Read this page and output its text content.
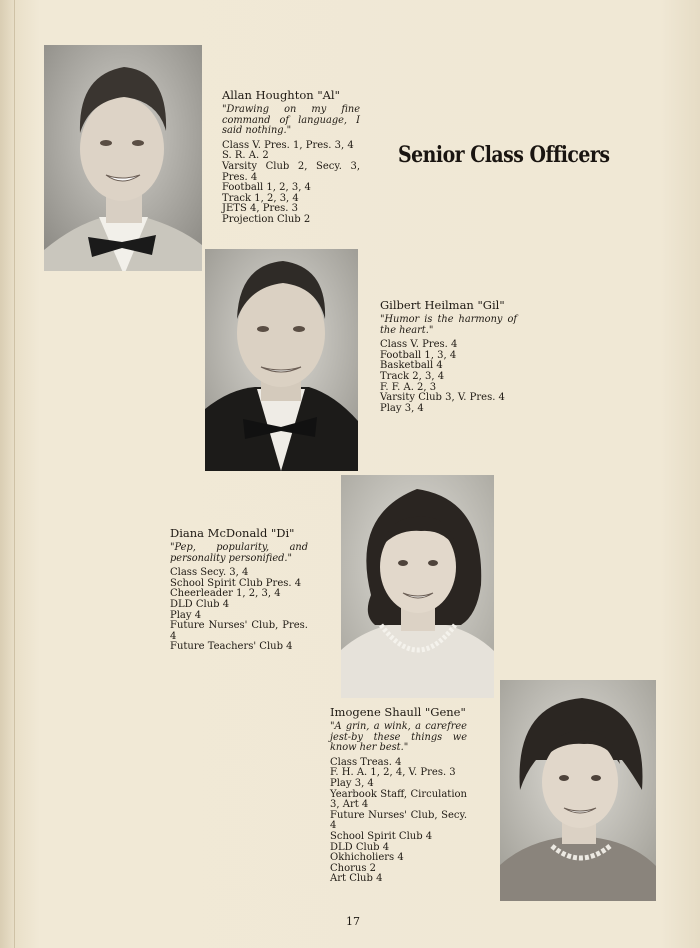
Senior Class Officers
Allan Houghton "Al"
"Drawing on my fine command of language, I said nothing."
Class V. Pres. 1, Pres. 3, 4
S. R. A. 2
Varsity Club 2, Secy. 3, Pres. 4
Football 1, 2, 3, 4
Track 1, 2, 3, 4
JETS 4, Pres. 3
Projection Club 2
Gilbert Heilman "Gil"
"Humor is the harmony of the heart."
Class V. Pres. 4
Football 1, 3, 4
Basketball 4
Track 2, 3, 4
F. F. A. 2, 3
Varsity Club 3, V. Pres. 4
Play 3, 4
Diana McDonald "Di"
"Pep, popularity, and personality personified."
Class Secy. 3, 4
School Spirit Club Pres. 4
Cheerleader 1, 2, 3, 4
DLD Club 4
Play 4
Future Nurses' Club, Pres. 4
Future Teachers' Club 4
Imogene Shaull "Gene"
"A grin, a wink, a carefree jest-by these things we know her best."
Class Treas. 4
F. H. A. 1, 2, 4, V. Pres. 3
Play 3, 4
Yearbook Staff, Circulation 3, Art 4
Future Nurses' Club, Secy. 4
School Spirit Club 4
DLD Club 4
Okhicholiers 4
Chorus 2
Art Club 4
17
